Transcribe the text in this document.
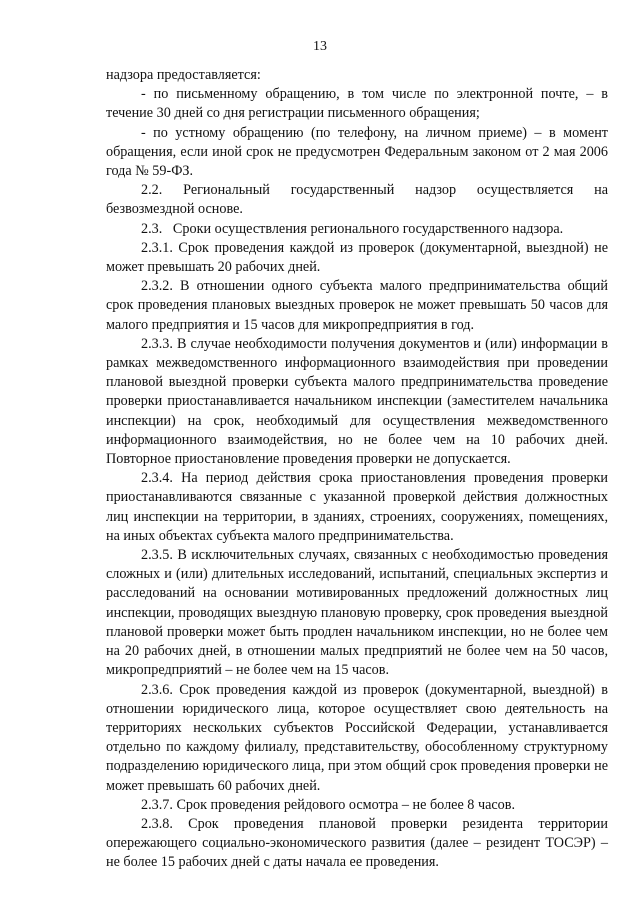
13

надзора предоставляется:

- по письменному обращению, в том числе по электронной почте, – в течение 30 дней со дня регистрации письменного обращения;

- по устному обращению (по телефону, на личном приеме) – в момент обращения, если иной срок не предусмотрен Федеральным законом от 2 мая 2006 года № 59-ФЗ.

2.2. Региональный государственный надзор осуществляется на безвозмездной основе.

2.3.   Сроки осуществления регионального государственного надзора.

2.3.1. Срок проведения каждой из проверок (документарной, выездной) не может превышать 20 рабочих дней.

2.3.2. В отношении одного субъекта малого предпринимательства общий срок проведения плановых выездных проверок не может превышать 50 часов для малого предприятия и 15 часов для микропредприятия в год.

2.3.3. В случае необходимости получения документов и (или) информации в рамках межведомственного информационного взаимодействия при проведении плановой выездной проверки субъекта малого предпринимательства проведение проверки приостанавливается начальником инспекции (заместителем начальника инспекции) на срок, необходимый для осуществления межведомственного информационного взаимодействия, но не более чем на 10 рабочих дней. Повторное приостановление проведения проверки не допускается.

2.3.4. На период действия срока приостановления проведения проверки приостанавливаются связанные с указанной проверкой действия должностных лиц инспекции на территории, в зданиях, строениях, сооружениях, помещениях, на иных объектах субъекта малого предпринимательства.

2.3.5. В исключительных случаях, связанных с необходимостью проведения сложных и (или) длительных исследований, испытаний, специальных экспертиз и расследований на основании мотивированных предложений должностных лиц инспекции, проводящих выездную плановую проверку, срок проведения выездной плановой проверки может быть продлен начальником инспекции, но не более чем на 20 рабочих дней, в отношении малых предприятий не более чем на 50 часов, микропредприятий – не более чем на 15 часов.

2.3.6. Срок проведения каждой из проверок (документарной, выездной) в отношении юридического лица, которое осуществляет свою деятельность на территориях нескольких субъектов Российской Федерации, устанавливается отдельно по каждому филиалу, представительству, обособленному структурному подразделению юридического лица, при этом общий срок проведения проверки не может превышать 60 рабочих дней.

2.3.7. Срок проведения рейдового осмотра – не более 8 часов.

2.3.8. Срок проведения плановой проверки резидента территории опережающего социально-экономического развития (далее – резидент ТОСЭР) – не более 15 рабочих дней с даты начала ее проведения.
